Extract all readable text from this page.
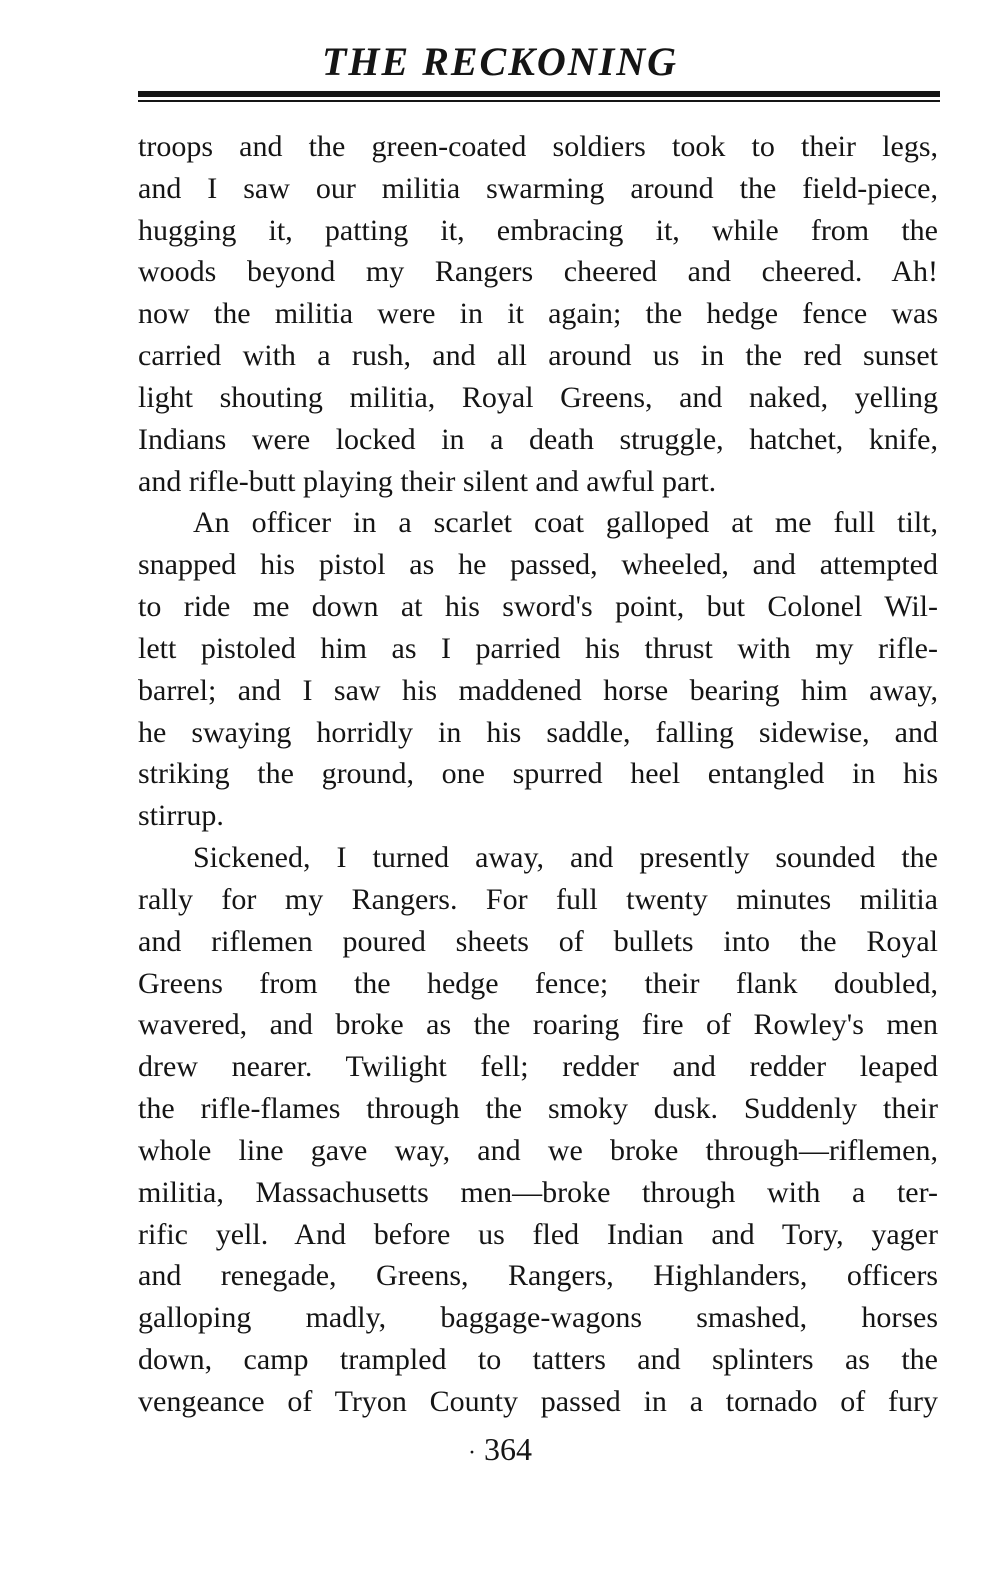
THE RECKONING
troops and the green-coated soldiers took to their legs,
and I saw our militia swarming around the field-piece,
hugging it, patting it, embracing it, while from the
woods beyond my Rangers cheered and cheered. Ah!
now the militia were in it again; the hedge fence was
carried with a rush, and all around us in the red sunset
light shouting militia, Royal Greens, and naked, yelling
Indians were locked in a death struggle, hatchet, knife,
and rifle-butt playing their silent and awful part.
An officer in a scarlet coat galloped at me full tilt,
snapped his pistol as he passed, wheeled, and attempted
to ride me down at his sword's point, but Colonel Wil-
lett pistoled him as I parried his thrust with my rifle-
barrel; and I saw his maddened horse bearing him away,
he swaying horridly in his saddle, falling sidewise, and
striking the ground, one spurred heel entangled in his
stirrup.
Sickened, I turned away, and presently sounded the
rally for my Rangers. For full twenty minutes militia
and riflemen poured sheets of bullets into the Royal
Greens from the hedge fence; their flank doubled,
wavered, and broke as the roaring fire of Rowley's men
drew nearer. Twilight fell; redder and redder leaped
the rifle-flames through the smoky dusk. Suddenly their
whole line gave way, and we broke through—riflemen,
militia, Massachusetts men—broke through with a ter-
rific yell. And before us fled Indian and Tory, yager
and renegade, Greens, Rangers, Highlanders, officers
galloping madly, baggage-wagons smashed, horses
down, camp trampled to tatters and splinters as the
vengeance of Tryon County passed in a tornado of fury
· 364
